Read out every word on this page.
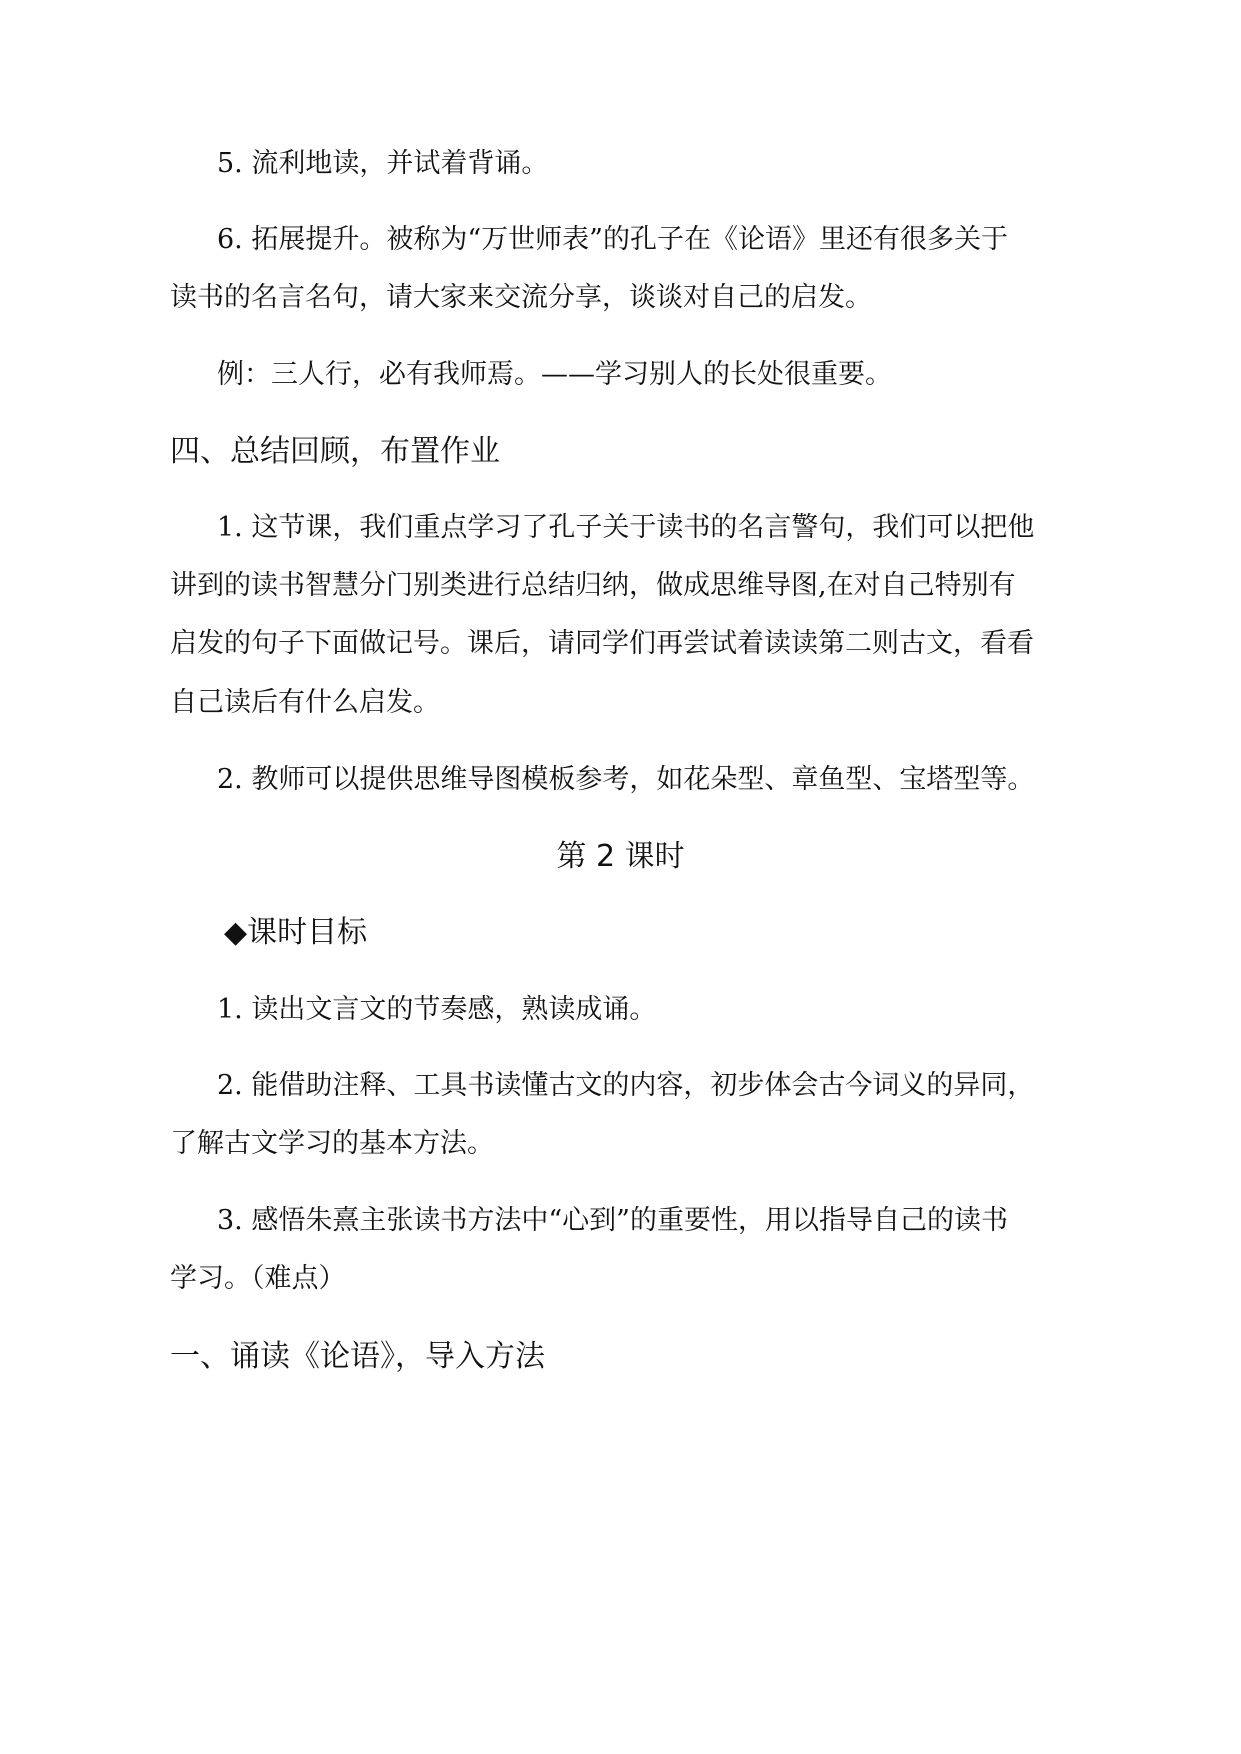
5. 流利地读，并试着背诵。
6. 拓展提升。被称为“万世师表”的孔子在《论语》里还有很多关于
读书的名言名句，请大家来交流分享，谈谈对自己的启发。
例：三人行，必有我师焉。——学习别人的长处很重要。
四、总结回顾，布置作业
1. 这节课，我们重点学习了孔子关于读书的名言警句，我们可以把他
讲到的读书智慧分门别类进行总结归纳，做成思维导图,在对自己特别有
启发的句子下面做记号。课后，请同学们再尝试着读读第二则古文，看看
自己读后有什么启发。
2. 教师可以提供思维导图模板参考，如花朵型、章鱼型、宝塔型等。
第 2 课时
◆课时目标
1. 读出文言文的节奏感，熟读成诵。
2. 能借助注释、工具书读懂古文的内容，初步体会古今词义的异同，
了解古文学习的基本方法。
3. 感悟朱熹主张读书方法中“心到”的重要性，用以指导自己的读书
学习。（难点）
一、诵读《论语》，导入方法
